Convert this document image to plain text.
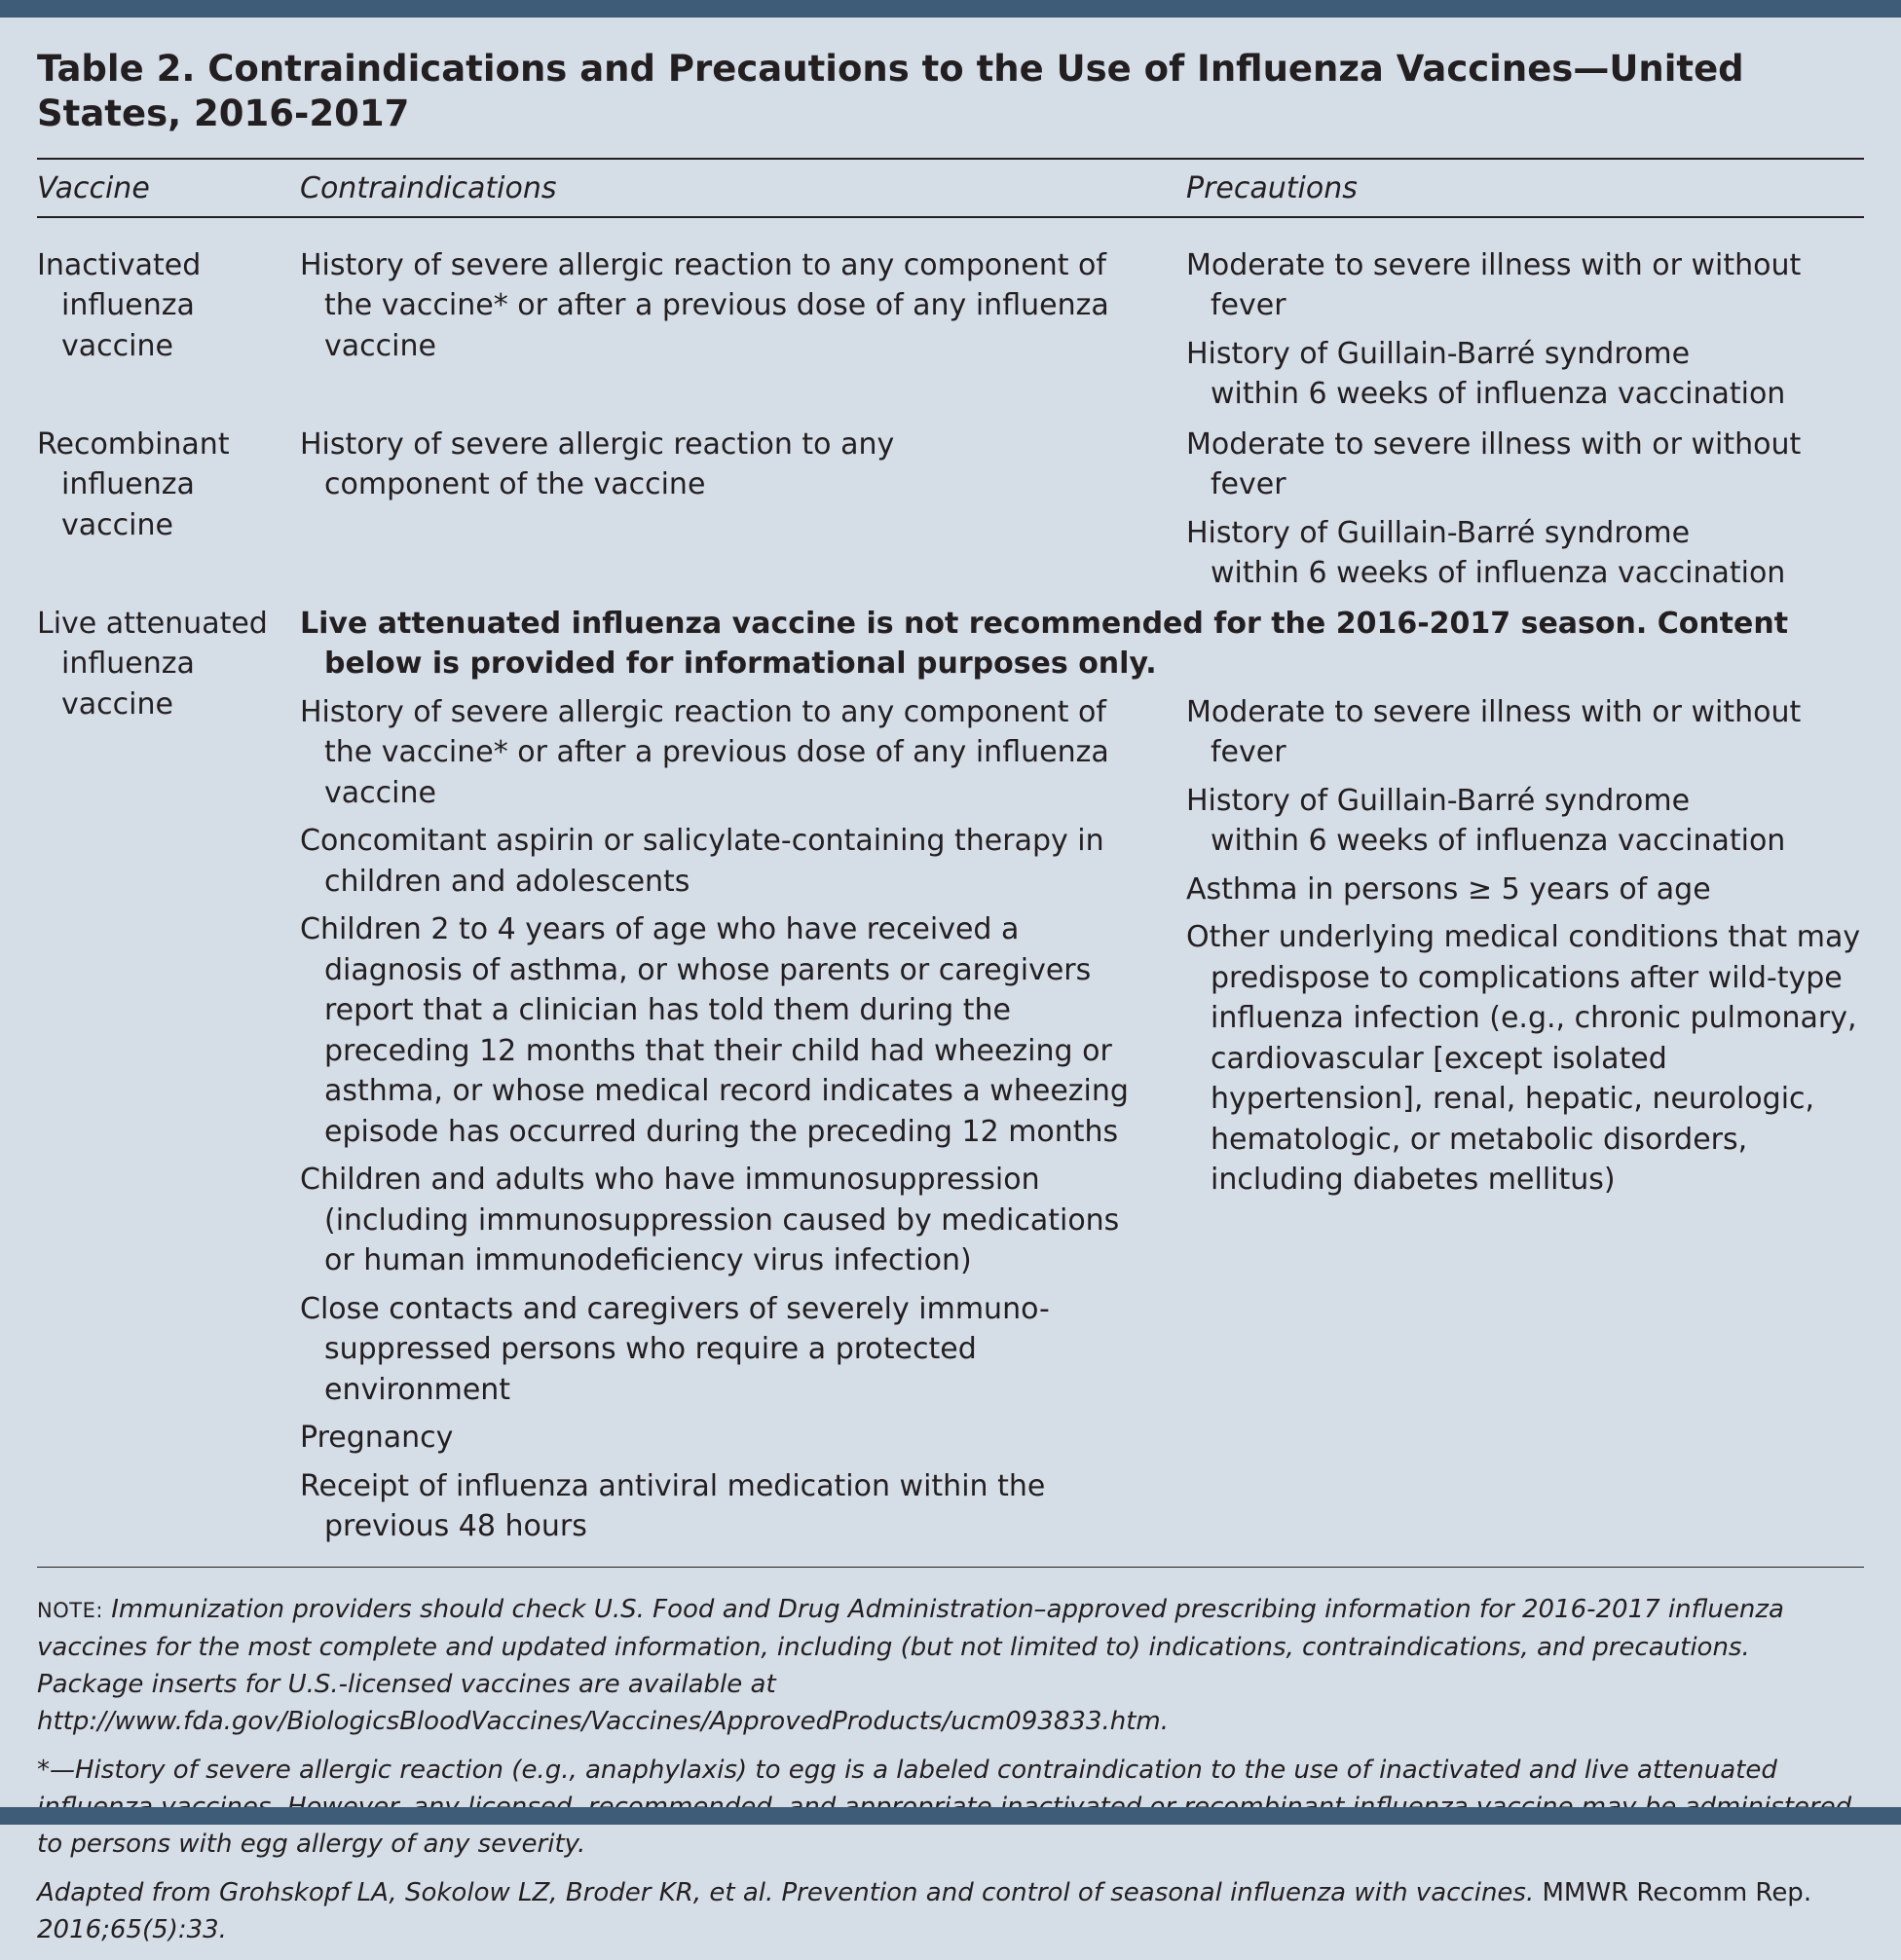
Table 2. Contraindications and Precautions to the Use of Influenza Vaccines—United States, 2016-2017
Vaccine	Contraindications	Precautions
Inactivated influenza vaccine
History of severe allergic reaction to any component of the vaccine* or after a previous dose of any influenza vaccine
Moderate to severe illness with or without fever
History of Guillain-Barré syndrome within 6 weeks of influenza vaccination
Recombinant influenza vaccine
History of severe allergic reaction to any component of the vaccine
Moderate to severe illness with or without fever
History of Guillain-Barré syndrome within 6 weeks of influenza vaccination
Live attenuated influenza vaccine
Live attenuated influenza vaccine is not recommended for the 2016-2017 season. Content below is provided for informational purposes only.
History of severe allergic reaction to any component of the vaccine* or after a previous dose of any influenza vaccine
Concomitant aspirin or salicylate-containing therapy in children and adolescents
Children 2 to 4 years of age who have received a diagnosis of asthma, or whose parents or caregivers report that a clinician has told them during the preceding 12 months that their child had wheezing or asthma, or whose medical record indicates a wheezing episode has occurred during the preceding 12 months
Children and adults who have immunosuppression (including immunosuppression caused by medications or human immunodeficiency virus infection)
Close contacts and caregivers of severely immuno-suppressed persons who require a protected environment
Pregnancy
Receipt of influenza antiviral medication within the previous 48 hours
Moderate to severe illness with or without fever
History of Guillain-Barré syndrome within 6 weeks of influenza vaccination
Asthma in persons ≥ 5 years of age
Other underlying medical conditions that may predispose to complications after wild-type influenza infection (e.g., chronic pulmonary, cardiovascular [except isolated hypertension], renal, hepatic, neurologic, hematologic, or metabolic disorders, including diabetes mellitus)

NOTE: Immunization providers should check U.S. Food and Drug Administration–approved prescribing information for 2016-2017 influenza vaccines for the most complete and updated information, including (but not limited to) indications, contraindications, and precautions. Package inserts for U.S.-licensed vaccines are available at http://www.fda.gov/BiologicsBloodVaccines/Vaccines/ApprovedProducts/ucm093833.htm.

*—History of severe allergic reaction (e.g., anaphylaxis) to egg is a labeled contraindication to the use of inactivated and live attenuated to persons with egg allergy of any severity.

Adapted from Grohskopf LA, Sokolow LZ, Broder KR, et al. Prevention and control of seasonal influenza with vaccines. MMWR Recomm Rep. 2016;65(5):33.
